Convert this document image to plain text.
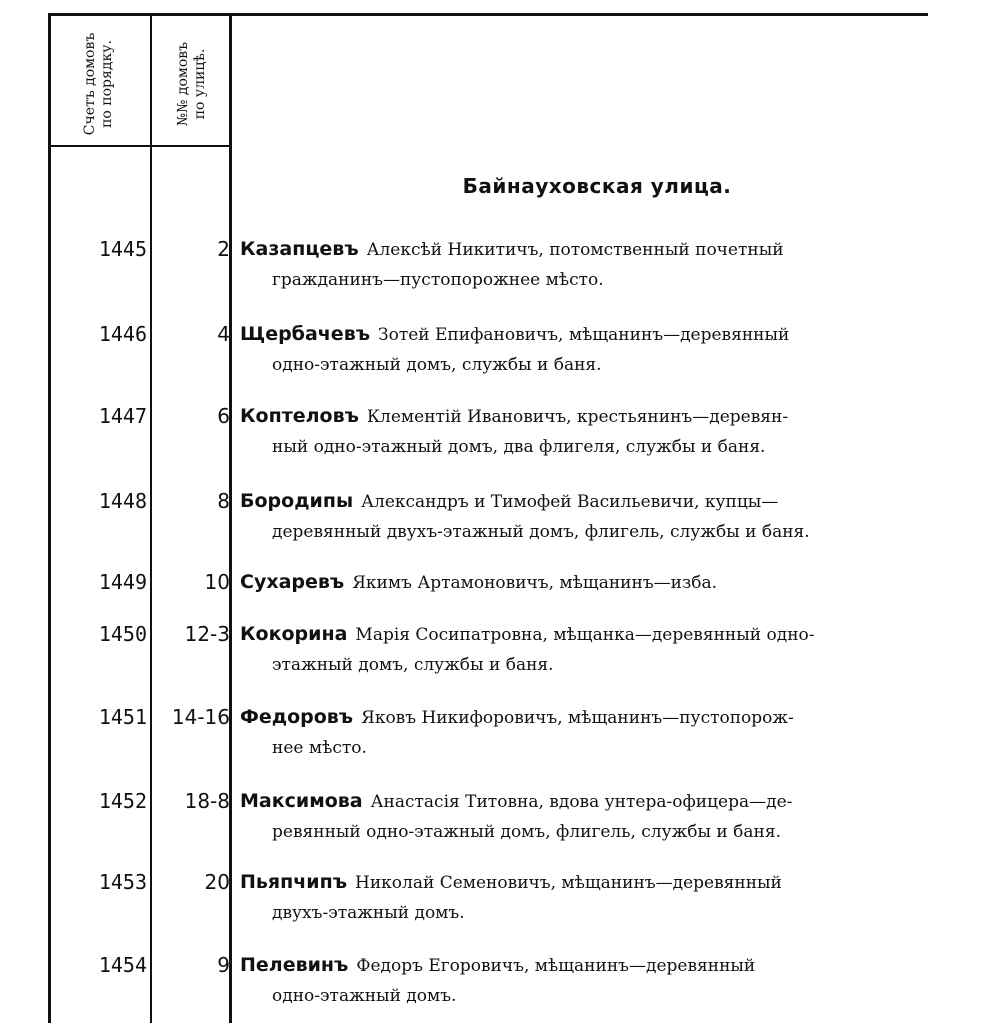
Счетъ домовъ по порядку.	№№ домовъ по улицѣ.
Байнауховская улица.
1445	2 Казапцевъ Алексѣй Никитичъ, потомственный почетный
гражданинъ—пустопорожнее мѣсто.
1446	4 Щербачевъ Зотей Епифановичъ, мѣщанинъ—деревянный
одно-этажный домъ, службы и баня.
1447	6 Коптеловъ Клементій Ивановичъ, крестьянинъ—деревян-
ный одно-этажный домъ, два флигеля, службы и баня.
1448	8 Бородипы Александръ и Тимофей Васильевичи, купцы—
деревянный двухъ-этажный домъ, флигель, службы и баня.
1449	10 Сухаревъ Якимъ Артамоновичъ, мѣщанинъ—изба.
1450	12-3 Кокорина Марія Сосипатровна, мѣщанка—деревянный одно-
этажный домъ, службы и баня.
1451	14-16 Федоровъ Яковъ Никифоровичъ, мѣщанинъ—пустопорож-
нее мѣсто.
1452	18-8 Максимова Анастасія Титовна, вдова унтера-офицера—де-
ревянный одно-этажный домъ, флигель, службы и баня.
1453	20 Пьяпчипъ Николай Семеновичъ, мѣщанинъ—деревянный
двухъ-этажный домъ.
1454	9 Пелевинъ Федоръ Егоровичъ, мѣщанинъ—деревянный
одно-этажный домъ.
